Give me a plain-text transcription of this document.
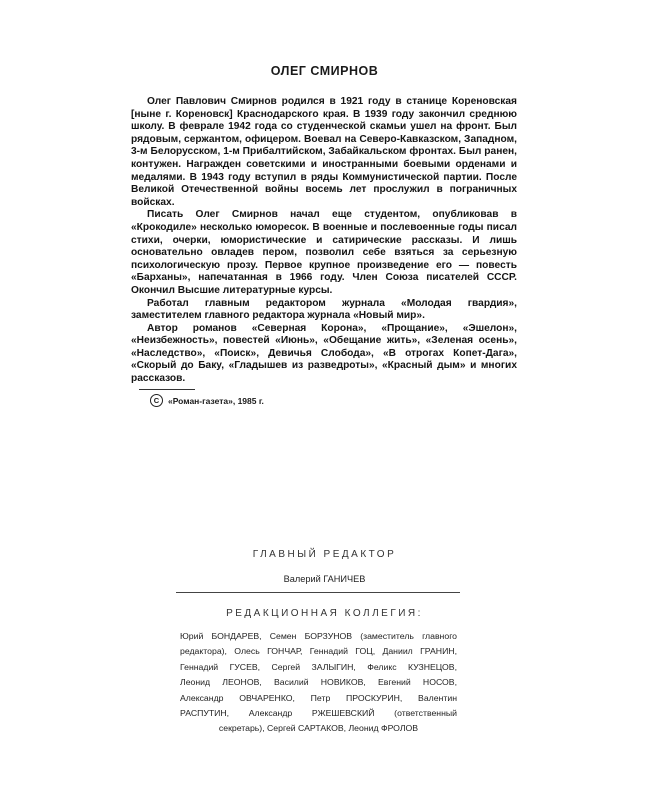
ОЛЕГ СМИРНОВ

Олег Павлович Смирнов родился в 1921 году в станице Кореновская [ныне г. Кореновск] Краснодарского края. В 1939 году закончил среднюю школу. В феврале 1942 года со студенческой скамьи ушел на фронт. Был рядовым, сержантом, офицером. Воевал на Северо-Кавказском, Западном, 3-м Белорусском, 1-м Прибалтийском, Забайкальском фронтах. Был ранен, контужен. Награжден советскими и иностранными боевыми орденами и медалями. В 1943 году вступил в ряды Коммунистической партии. После Великой Отечественной войны восемь лет прослужил в пограничных войсках.

Писать Олег Смирнов начал еще студентом, опубликовав в «Крокодиле» несколько юморесок. В военные и послевоенные годы писал стихи, очерки, юмористические и сатирические рассказы. И лишь основательно овладев пером, позволил себе взяться за серьезную психологическую прозу. Первое крупное произведение его — повесть «Барханы», напечатанная в 1966 году. Член Союза писателей СССР. Окончил Высшие литературные курсы.

Работал главным редактором журнала «Молодая гвардия», заместителем главного редактора журнала «Новый мир».

Автор романов «Северная Корона», «Прощание», «Эшелон», «Неизбежность», повестей «Июнь», «Обещание жить», «Зеленая осень», «Наследство», «Поиск», Девичья Слобода», «В отрогах Копет-Дага», «Скорый до Баку, «Гладышев из разведроты», «Красный дым» и многих рассказов.

C	«Роман-газета», 1985 г.
ГЛАВНЫЙ РЕДАКТОР
Валерий ГАНИЧЕВ
РЕДАКЦИОННАЯ КОЛЛЕГИЯ:
Юрий БОНДАРЕВ, Семен БОРЗУНОВ (заместитель главного
редактора), Олесь ГОНЧАР, Геннадий ГОЦ, Даниил ГРАНИН,
Геннадий ГУСЕВ, Сергей ЗАЛЫГИН, Феликс КУЗНЕЦОВ,
Леонид ЛЕОНОВ, Василий НОВИКОВ, Евгений НОСОВ,
Александр ОВЧАРЕНКО, Петр ПРОСКУРИН, Валентин
РАСПУТИН, Александр РЖЕШЕВСКИЙ (ответственный
секретарь), Сергей САРТАКОВ, Леонид ФРОЛОВ
